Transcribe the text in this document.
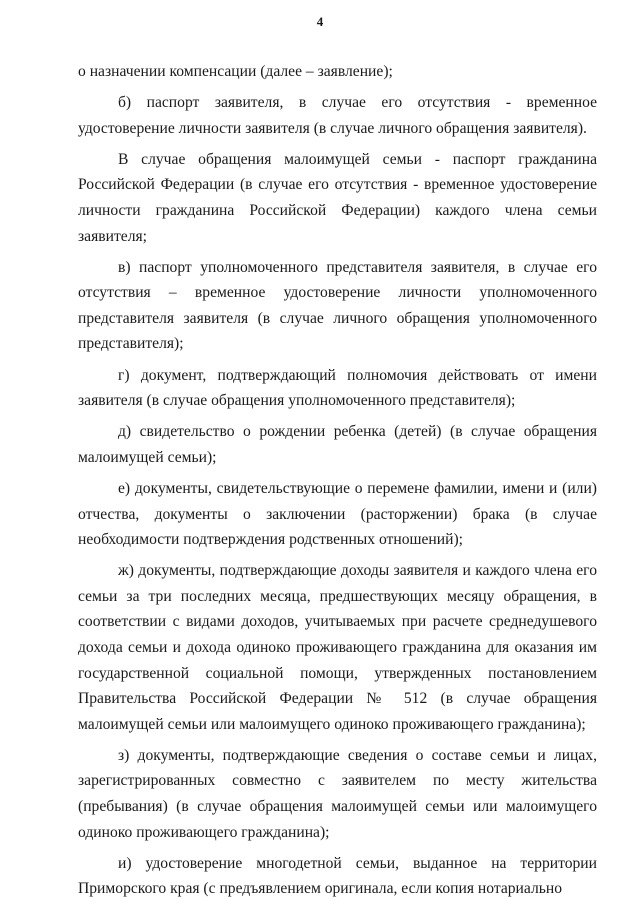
4

о назначении компенсации (далее – заявление);

б) паспорт заявителя, в случае его отсутствия - временное удостоверение личности заявителя (в случае личного обращения заявителя).

В случае обращения малоимущей семьи - паспорт гражданина Российской Федерации (в случае его отсутствия - временное удостоверение личности гражданина Российской Федерации) каждого члена семьи заявителя;

в) паспорт уполномоченного представителя заявителя, в случае его отсутствия – временное удостоверение личности уполномоченного представителя заявителя (в случае личного обращения уполномоченного представителя);

г) документ, подтверждающий полномочия действовать от имени заявителя (в случае обращения уполномоченного представителя);

д) свидетельство о рождении ребенка (детей) (в случае обращения малоимущей семьи);

е) документы, свидетельствующие о перемене фамилии, имени и (или) отчества, документы о заключении (расторжении) брака (в случае необходимости подтверждения родственных отношений);

ж) документы, подтверждающие доходы заявителя и каждого члена его семьи за три последних месяца, предшествующих месяцу обращения, в соответствии с видами доходов, учитываемых при расчете среднедушевого дохода семьи и дохода одиноко проживающего гражданина для оказания им государственной социальной помощи, утвержденных постановлением Правительства Российской Федерации № 512 (в случае обращения малоимущей семьи или малоимущего одиноко проживающего гражданина);

з) документы, подтверждающие сведения о составе семьи и лицах, зарегистрированных совместно с заявителем по месту жительства (пребывания) (в случае обращения малоимущей семьи или малоимущего одиноко проживающего гражданина);

и) удостоверение многодетной семьи, выданное на территории Приморского края (с предъявлением оригинала, если копия нотариально
